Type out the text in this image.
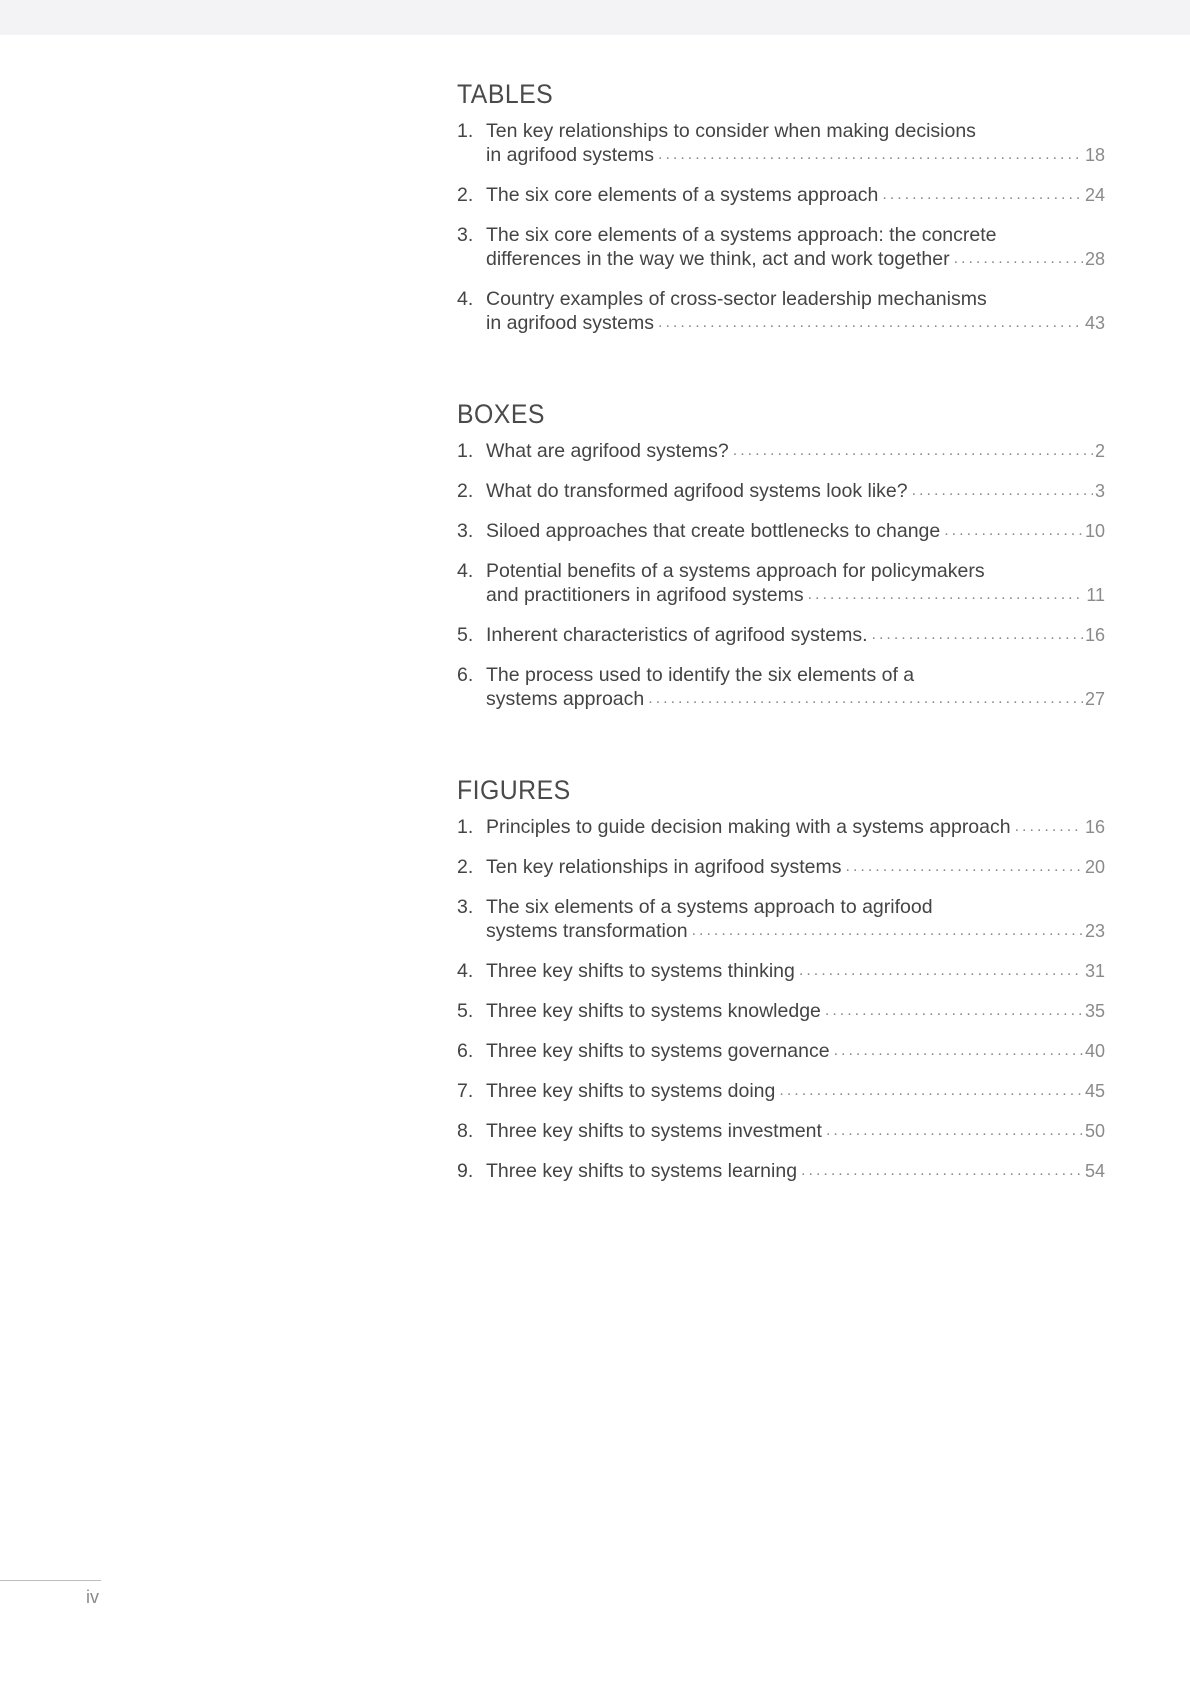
TABLES
1. Ten key relationships to consider when making decisions
in agrifood systems .....	18
2. The six core elements of a systems approach .....	24
3. The six core elements of a systems approach: the concrete
differences in the way we think, act and work together .....	28
4. Country examples of cross-sector leadership mechanisms
in agrifood systems .....	43
BOXES
1. What are agrifood systems? .....	2
2. What do transformed agrifood systems look like? .....	3
3. Siloed approaches that create bottlenecks to change .....	10
4. Potential benefits of a systems approach for policymakers
and practitioners in agrifood systems .....	11
5. Inherent characteristics of agrifood systems. .....	16
6. The process used to identify the six elements of a
systems approach .....	27
FIGURES
1. Principles to guide decision making with a systems approach .....	16
2. Ten key relationships in agrifood systems .....	20
3. The six elements of a systems approach to agrifood
systems transformation .....	23
4. Three key shifts to systems thinking .....	31
5. Three key shifts to systems knowledge .....	35
6. Three key shifts to systems governance .....	40
7. Three key shifts to systems doing .....	45
8. Three key shifts to systems investment .....	50
9. Three key shifts to systems learning .....	54
iv
